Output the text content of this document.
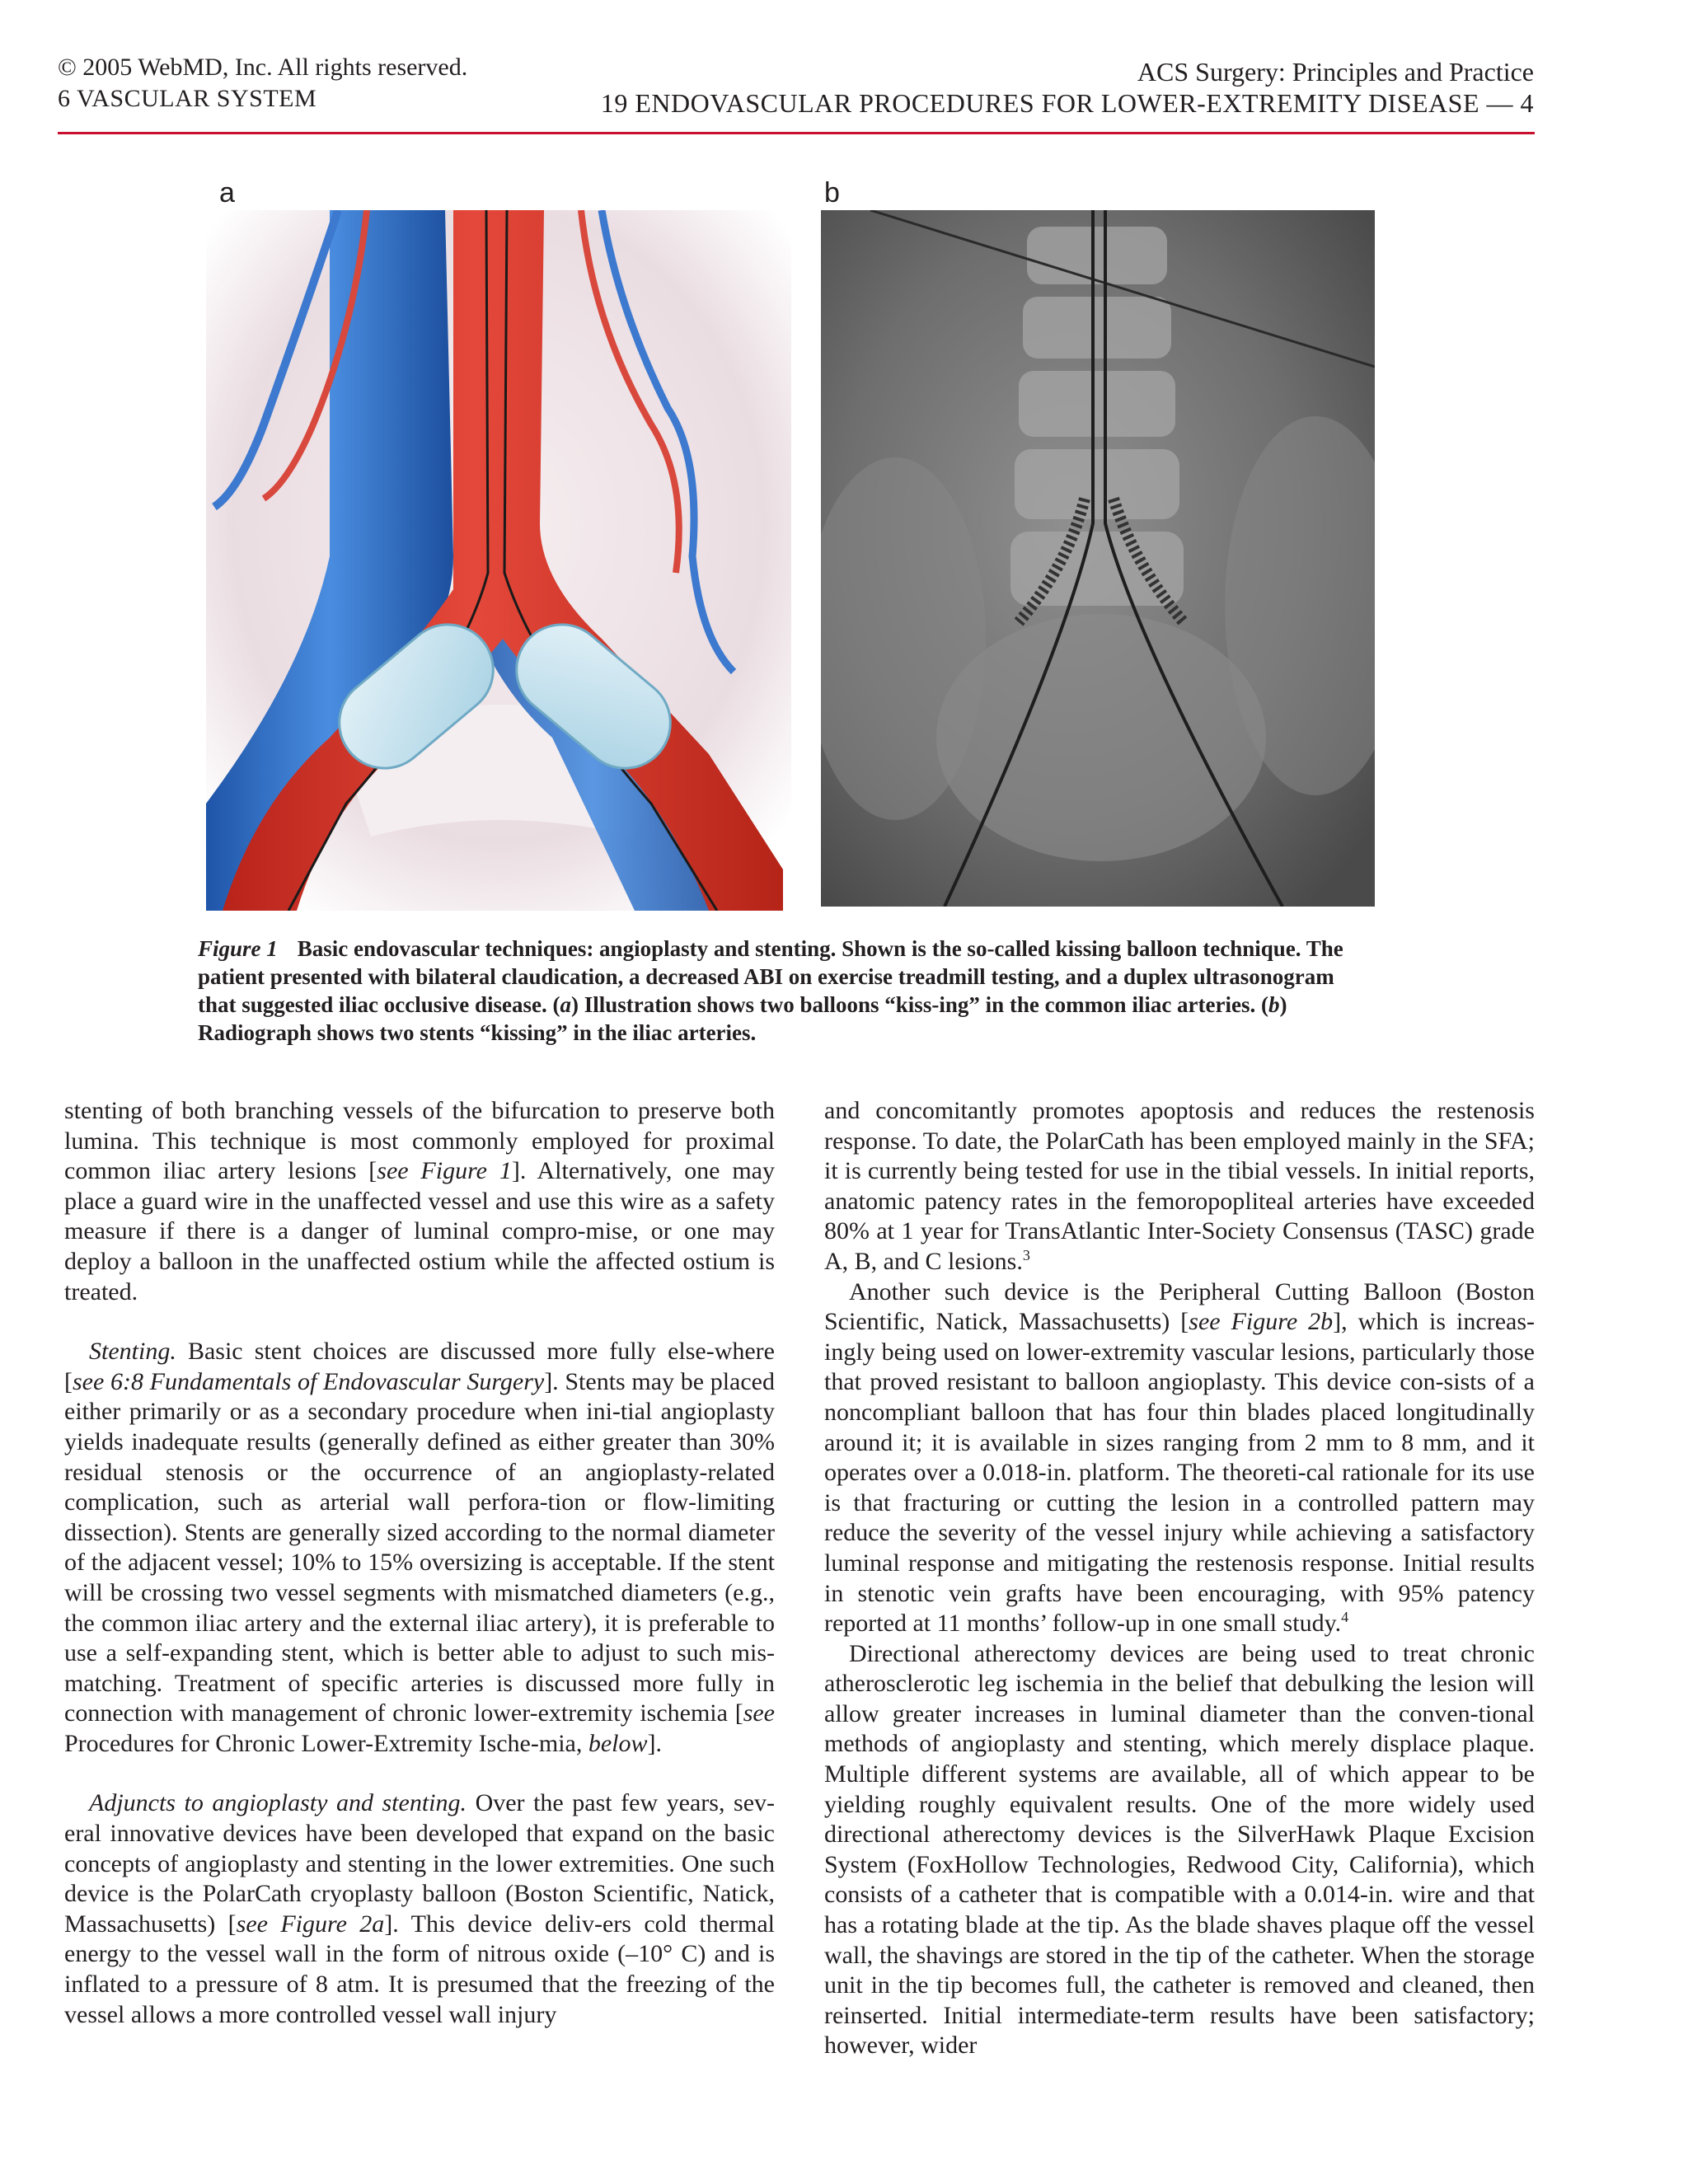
© 2005 WebMD, Inc. All rights reserved.
6 VASCULAR SYSTEM
ACS Surgery: Principles and Practice
19 ENDOVASCULAR PROCEDURES FOR LOWER-EXTREMITY DISEASE — 4
a	b
Figure 1 Basic endovascular techniques: angioplasty and stenting. Shown is the so-called kissing balloon technique. The patient presented with bilateral claudication, a decreased ABI on exercise treadmill testing, and a duplex ultrasonogram that suggested iliac occlusive disease. (a) Illustration shows two balloons “kiss-ing” in the common iliac arteries. (b) Radiograph shows two stents “kissing” in the iliac arteries.

stenting of both branching vessels of the bifurcation to preserve both lumina. This technique is most commonly employed for proximal common iliac artery lesions [see Figure 1]. Alternatively, one may place a guard wire in the unaffected vessel and use this wire as a safety measure if there is a danger of luminal compro-mise, or one may deploy a balloon in the unaffected ostium while the affected ostium is treated.

Stenting. Basic stent choices are discussed more fully else-where [see 6:8 Fundamentals of Endovascular Surgery]. Stents may be placed either primarily or as a secondary procedure when ini-tial angioplasty yields inadequate results (generally defined as either greater than 30% residual stenosis or the occurrence of an angioplasty-related complication, such as arterial wall perfora-tion or flow-limiting dissection). Stents are generally sized according to the normal diameter of the adjacent vessel; 10% to 15% oversizing is acceptable. If the stent will be crossing two vessel segments with mismatched diameters (e.g., the common iliac artery and the external iliac artery), it is preferable to use a self-expanding stent, which is better able to adjust to such mis-matching. Treatment of specific arteries is discussed more fully in connection with management of chronic lower-extremity ischemia [see Procedures for Chronic Lower-Extremity Ische-mia, below].

Adjuncts to angioplasty and stenting. Over the past few years, sev-eral innovative devices have been developed that expand on the basic concepts of angioplasty and stenting in the lower extremities. One such device is the PolarCath cryoplasty balloon (Boston Scientific, Natick, Massachusetts) [see Figure 2a]. This device deliv-ers cold thermal energy to the vessel wall in the form of nitrous oxide (–10° C) and is inflated to a pressure of 8 atm. It is presumed that the freezing of the vessel allows a more controlled vessel wall injury

and concomitantly promotes apoptosis and reduces the restenosis response. To date, the PolarCath has been employed mainly in the SFA; it is currently being tested for use in the tibial vessels. In initial reports, anatomic patency rates in the femoropopliteal arteries have exceeded 80% at 1 year for TransAtlantic Inter-Society Consensus (TASC) grade A, B, and C lesions.$^3$

Another such device is the Peripheral Cutting Balloon (Boston Scientific, Natick, Massachusetts) [see Figure 2b], which is increas-ingly being used on lower-extremity vascular lesions, particularly those that proved resistant to balloon angioplasty. This device con-sists of a noncompliant balloon that has four thin blades placed longitudinally around it; it is available in sizes ranging from 2 mm to 8 mm, and it operates over a 0.018-in. platform. The theoreti-cal rationale for its use is that fracturing or cutting the lesion in a controlled pattern may reduce the severity of the vessel injury while achieving a satisfactory luminal response and mitigating the restenosis response. Initial results in stenotic vein grafts have been encouraging, with 95% patency reported at 11 months’ follow-up in one small study.$^4$

Directional atherectomy devices are being used to treat chronic atherosclerotic leg ischemia in the belief that debulking the lesion will allow greater increases in luminal diameter than the conven-tional methods of angioplasty and stenting, which merely displace plaque. Multiple different systems are available, all of which appear to be yielding roughly equivalent results. One of the more widely used directional atherectomy devices is the SilverHawk Plaque Excision System (FoxHollow Technologies, Redwood City, California), which consists of a catheter that is compatible with a 0.014-in. wire and that has a rotating blade at the tip. As the blade shaves plaque off the vessel wall, the shavings are stored in the tip of the catheter. When the storage unit in the tip becomes full, the catheter is removed and cleaned, then reinserted. Initial intermediate-term results have been satisfactory; however, wider
